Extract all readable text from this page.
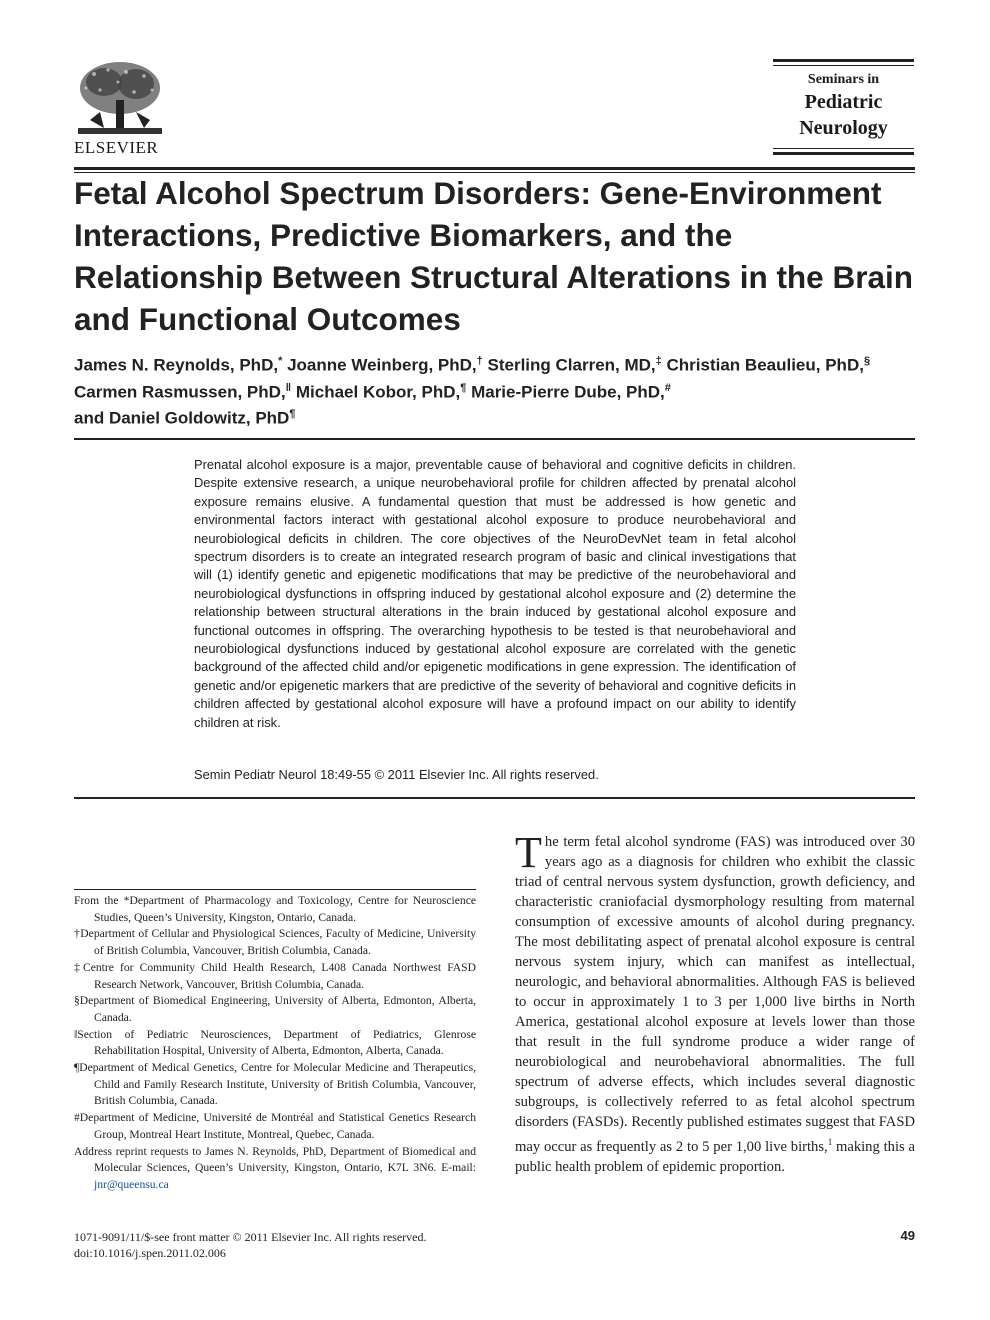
ELSEVIER
Seminars in
Pediatric
Neurology
Fetal Alcohol Spectrum Disorders: Gene-Environment Interactions, Predictive Biomarkers, and the Relationship Between Structural Alterations in the Brain and Functional Outcomes
James N. Reynolds, PhD,* Joanne Weinberg, PhD,† Sterling Clarren, MD,‡ Christian Beaulieu, PhD,§
Carmen Rasmussen, PhD,‖ Michael Kobor, PhD,¶ Marie-Pierre Dube, PhD,#
and Daniel Goldowitz, PhD¶

Prenatal alcohol exposure is a major, preventable cause of behavioral and cognitive deficits in children. Despite extensive research, a unique neurobehavioral profile for children affected by prenatal alcohol exposure remains elusive. A fundamental question that must be addressed is how genetic and environmental factors interact with gestational alcohol exposure to produce neurobehavioral and neurobiological deficits in children. The core objectives of the NeuroDevNet team in fetal alcohol spectrum disorders is to create an integrated research program of basic and clinical investigations that will (1) identify genetic and epigenetic modifications that may be predictive of the neurobehavioral and neurobiological dysfunctions in offspring induced by gestational alcohol exposure and (2) determine the relationship between structural alterations in the brain induced by gestational alcohol exposure and functional outcomes in offspring. The overarching hypothesis to be tested is that neurobehavioral and neurobiological dysfunctions induced by gestational alcohol exposure are correlated with the genetic background of the affected child and/or epigenetic modifications in gene expression. The identification of genetic and/or epigenetic markers that are predictive of the severity of behavioral and cognitive deficits in children affected by gestational alcohol exposure will have a profound impact on our ability to identify children at risk.

Semin Pediatr Neurol 18:49-55 © 2011 Elsevier Inc. All rights reserved.

From the *Department of Pharmacology and Toxicology, Centre for Neuroscience Studies, Queen’s University, Kingston, Ontario, Canada.

†Department of Cellular and Physiological Sciences, Faculty of Medicine, University of British Columbia, Vancouver, British Columbia, Canada.

‡Centre for Community Child Health Research, L408 Canada Northwest FASD Research Network, Vancouver, British Columbia, Canada.

§Department of Biomedical Engineering, University of Alberta, Edmonton, Alberta, Canada.

‖Section of Pediatric Neurosciences, Department of Pediatrics, Glenrose Rehabilitation Hospital, University of Alberta, Edmonton, Alberta, Canada.

¶Department of Medical Genetics, Centre for Molecular Medicine and Therapeutics, Child and Family Research Institute, University of British Columbia, Vancouver, British Columbia, Canada.

#Department of Medicine, Université de Montréal and Statistical Genetics Research Group, Montreal Heart Institute, Montreal, Quebec, Canada.

Address reprint requests to James N. Reynolds, PhD, Department of Biomedical and Molecular Sciences, Queen’s University, Kingston, Ontario, K7L 3N6. E-mail: jnr@queensu.ca

The term fetal alcohol syndrome (FAS) was introduced over 30 years ago as a diagnosis for children who exhibit the classic triad of central nervous system dysfunction, growth deficiency, and characteristic craniofacial dysmorphology resulting from maternal consumption of excessive amounts of alcohol during pregnancy. The most debilitating aspect of prenatal alcohol exposure is central nervous system injury, which can manifest as intellectual, neurologic, and behavioral abnormalities. Although FAS is believed to occur in approximately 1 to 3 per 1,000 live births in North America, gestational alcohol exposure at levels lower than those that result in the full syndrome produce a wider range of neurobiological and neurobehavioral abnormalities. The full spectrum of adverse effects, which includes several diagnostic subgroups, is collectively referred to as fetal alcohol spectrum disorders (FASDs). Recently published estimates suggest that FASD may occur as frequently as 2 to 5 per 1,00 live births,$^1$ making this a public health problem of epidemic proportion.
1071-9091/11/$-see front matter © 2011 Elsevier Inc. All rights reserved.
doi:10.1016/j.spen.2011.02.006
49
